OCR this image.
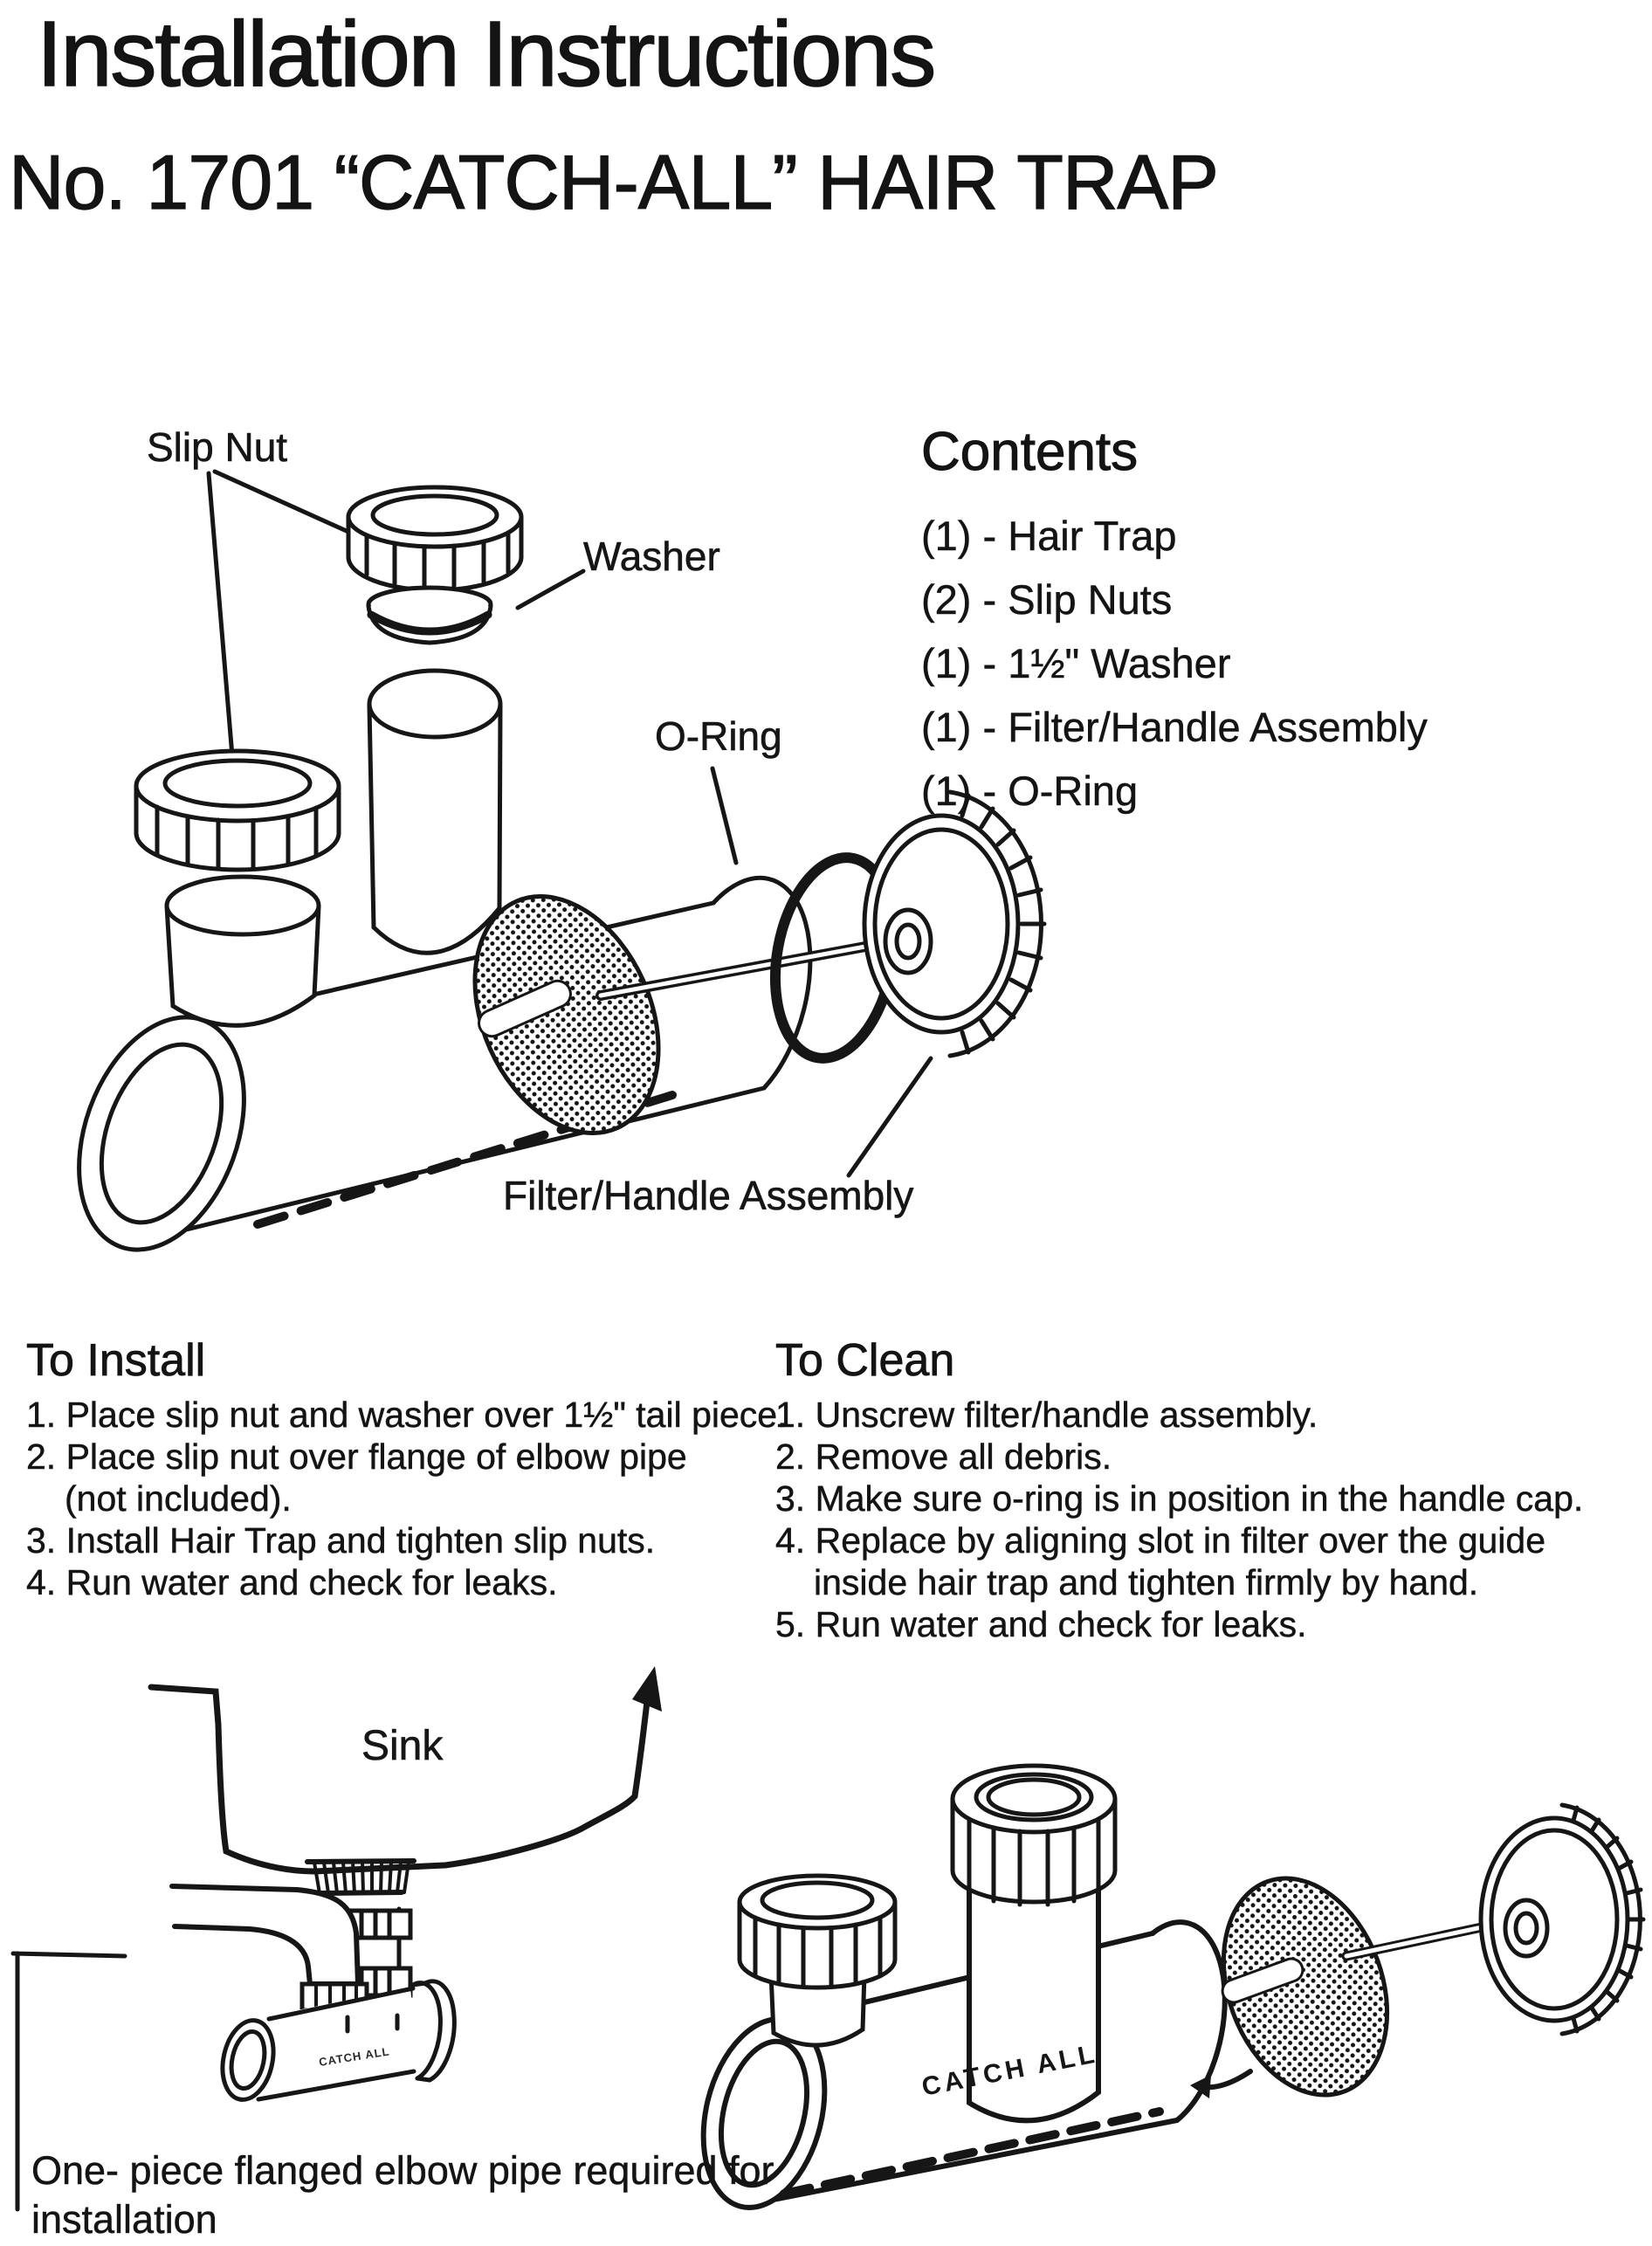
Installation Instructions
No. 1701 “CATCH-ALL” HAIR TRAP
Slip Nut
Washer
O-Ring
Filter/Handle Assembly
Contents
(1) - Hair Trap
(2) - Slip Nuts
(1) - 1½" Washer
(1) - Filter/Handle Assembly
(1) - O-Ring
To Install
1. Place slip nut and washer over 1½" tail piece.
2. Place slip nut over flange of elbow pipe
(not included).
3. Install Hair Trap and tighten slip nuts.
4. Run water and check for leaks.
To Clean
1. Unscrew filter/handle assembly.
2. Remove all debris.
3. Make sure o-ring is in position in the handle cap.
4. Replace by aligning slot in filter over the guide
inside hair trap and tighten firmly by hand.
5. Run water and check for leaks.
CATCH ALL
Sink
CATCH ALL
One- piece flanged elbow pipe required for
installation
